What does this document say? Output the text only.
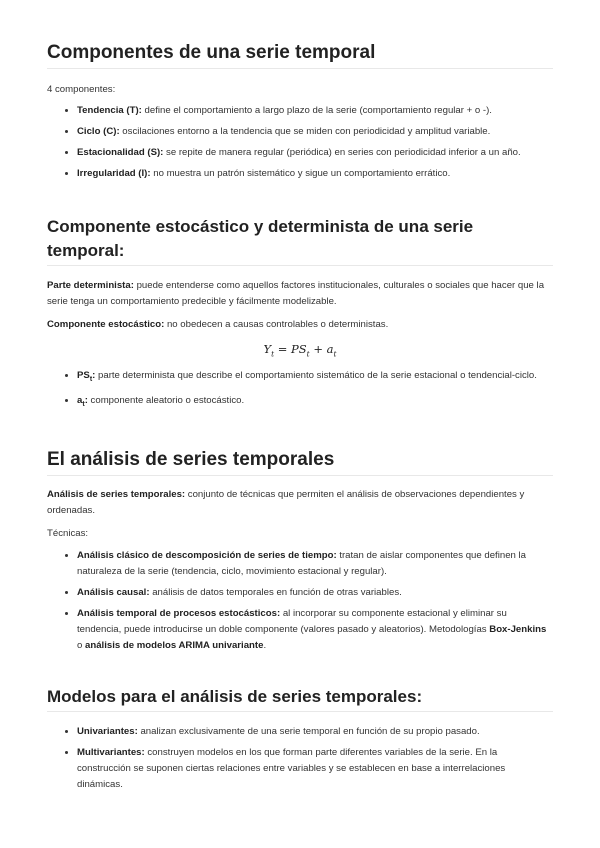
Componentes de una serie temporal

4 componentes:

• Tendencia (T): define el comportamiento a largo plazo de la serie (comportamiento regular + o -).
• Ciclo (C): oscilaciones entorno a la tendencia que se miden con periodicidad y amplitud variable.
• Estacionalidad (S): se repite de manera regular (periódica) en series con periodicidad inferior a un año.
• Irregularidad (I): no muestra un patrón sistemático y sigue un comportamiento errático.
Componente estocástico y determinista de una serie temporal:

Parte determinista: puede entenderse como aquellos factores institucionales, culturales o sociales que hacer que la serie tenga un comportamiento predecible y fácilmente modelizable.

Componente estocástico: no obedecen a causas controlables o deterministas.

$Y_t = PS_t + a_t$
• $PS_t$: parte determinista que describe el comportamiento sistemático de la serie estacional o tendencial-ciclo.
• $a_t$: componente aleatorio o estocástico.
El análisis de series temporales

Análisis de series temporales: conjunto de técnicas que permiten el análisis de observaciones dependientes y ordenadas.

Técnicas:

• Análisis clásico de descomposición de series de tiempo: tratan de aislar componentes que definen la naturaleza de la serie (tendencia, ciclo, movimiento estacional y regular).
• Análisis causal: análisis de datos temporales en función de otras variables.
• Análisis temporal de procesos estocásticos: al incorporar su componente estacional y eliminar su tendencia, puede introducirse un doble componente (valores pasado y aleatorios). Metodologías Box-Jenkins o análisis de modelos ARIMA univariante.
Modelos para el análisis de series temporales:
• Univariantes: analizan exclusivamente de una serie temporal en función de su propio pasado.
• Multivariantes: construyen modelos en los que forman parte diferentes variables de la serie. En la construcción se suponen ciertas relaciones entre variables y se establecen en base a interrelaciones dinámicas.
